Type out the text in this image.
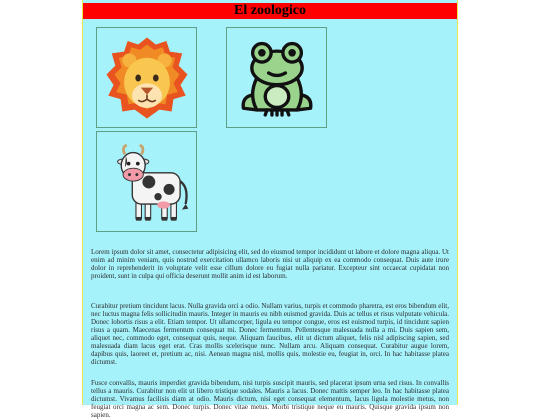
El zoologico

Lorem ipsum dolor sit amet, consectetur adipisicing elit, sed do eiusmod tempor incididunt ut labore et dolore magna aliqua. Ut enim ad minim veniam, quis nostrud exercitation ullamco laboris nisi ut aliquip ex ea commodo consequat. Duis aute irure dolor in reprehenderit in voluptate velit esse cillum dolore eu fugiat nulla pariatur. Excepteur sint occaecat cupidatat non proident, sunt in culpa qui officia deserunt mollit anim id est laborum.

Curabitur pretium tincidunt lacus. Nulla gravida orci a odio. Nullam varius, turpis et commodo pharetra, est eros bibendum elit, nec luctus magna felis sollicitudin mauris. Integer in mauris eu nibh euismod gravida. Duis ac tellus et risus vulputate vehicula. Donec lobortis risus a elit. Etiam tempor. Ut ullamcorper, ligula eu tempor congue, eros est euismod turpis, id tincidunt sapien risus a quam. Maecenas fermentum consequat mi. Donec fermentum. Pellentesque malesuada nulla a mi. Duis sapien sem, aliquet nec, commodo eget, consequat quis, neque. Aliquam faucibus, elit ut dictum aliquet, felis nisl adipiscing sapien, sed malesuada diam lacus eget erat. Cras mollis scelerisque nunc. Nullam arcu. Aliquam consequat. Curabitur augue lorem, dapibus quis, laoreet et, pretium ac, nisi. Aenean magna nisl, mollis quis, molestie eu, feugiat in, orci. In hac habitasse platea dictumst.

Fusce convallis, mauris imperdiet gravida bibendum, nisi turpis suscipit mauris, sed placerat ipsum urna sed risus. In convallis tellus a mauris. Curabitur non elit ut libero tristique sodales. Mauris a lacus. Donec mattis semper leo. In hac habitasse platea dictumst. Vivamus facilisis diam at odio. Mauris dictum, nisi eget consequat elementum, lacus ligula molestie metus, non feugiat orci magna ac sem. Donec turpis. Donec vitae metus. Morbi tristique neque eu mauris. Quisque gravida ipsum non sapien.
